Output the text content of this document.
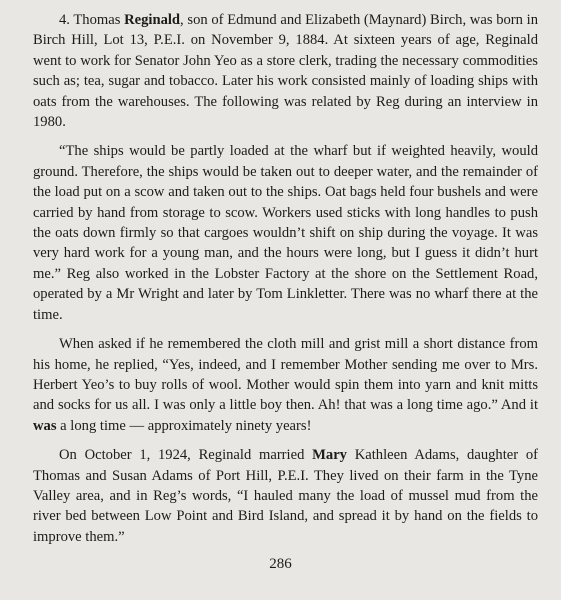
4. Thomas Reginald, son of Edmund and Elizabeth (Maynard) Birch, was born in Birch Hill, Lot 13, P.E.I. on November 9, 1884. At sixteen years of age, Reginald went to work for Senator John Yeo as a store clerk, trading the necessary commodities such as; tea, sugar and tobacco. Later his work consisted mainly of loading ships with oats from the warehouses. The following was related by Reg during an interview in 1980.

“The ships would be partly loaded at the wharf but if weighted heavily, would ground. Therefore, the ships would be taken out to deeper water, and the remainder of the load put on a scow and taken out to the ships. Oat bags held four bushels and were carried by hand from storage to scow. Workers used sticks with long handles to push the oats down firmly so that cargoes wouldn’t shift on ship during the voyage. It was very hard work for a young man, and the hours were long, but I guess it didn’t hurt me.” Reg also worked in the Lobster Factory at the shore on the Settlement Road, operated by a Mr Wright and later by Tom Linkletter. There was no wharf there at the time.

When asked if he remembered the cloth mill and grist mill a short distance from his home, he replied, “Yes, indeed, and I remember Mother sending me over to Mrs. Herbert Yeo’s to buy rolls of wool. Mother would spin them into yarn and knit mitts and socks for us all. I was only a little boy then. Ah! that was a long time ago.” And it was a long time — approximately ninety years!

On October 1, 1924, Reginald married Mary Kathleen Adams, daughter of Thomas and Susan Adams of Port Hill, P.E.I. They lived on their farm in the Tyne Valley area, and in Reg’s words, “I hauled many the load of mussel mud from the river bed between Low Point and Bird Island, and spread it by hand on the fields to improve them.”

286
